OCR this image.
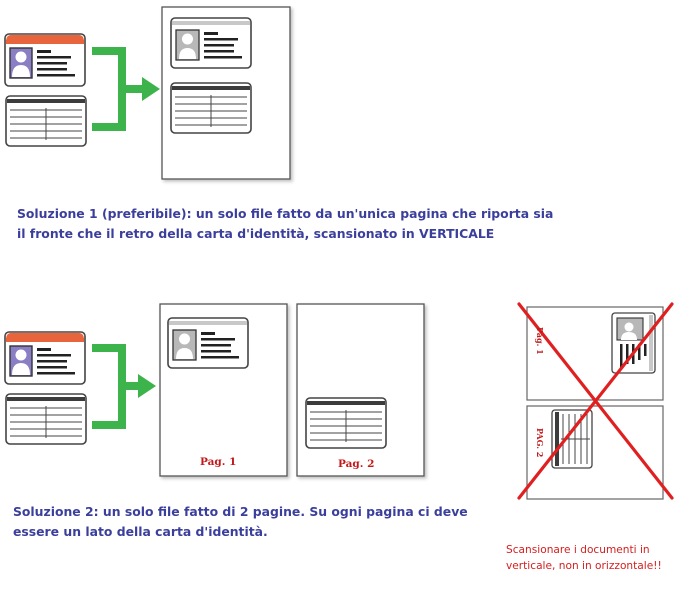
Soluzione 1 (preferibile): un solo file fatto da un'unica pagina che riporta sia

il fronte che il retro della carta d'identità, scansionato in VERTICALE

Pag. 1	Pag. 2

Soluzione 2: un solo file fatto di 2 pagine. Su ogni pagina ci deve

essere un lato della carta d'identità.

Pag. 1

PAG. 2

Scansionare i documenti in

verticale, non in orizzontale!!
